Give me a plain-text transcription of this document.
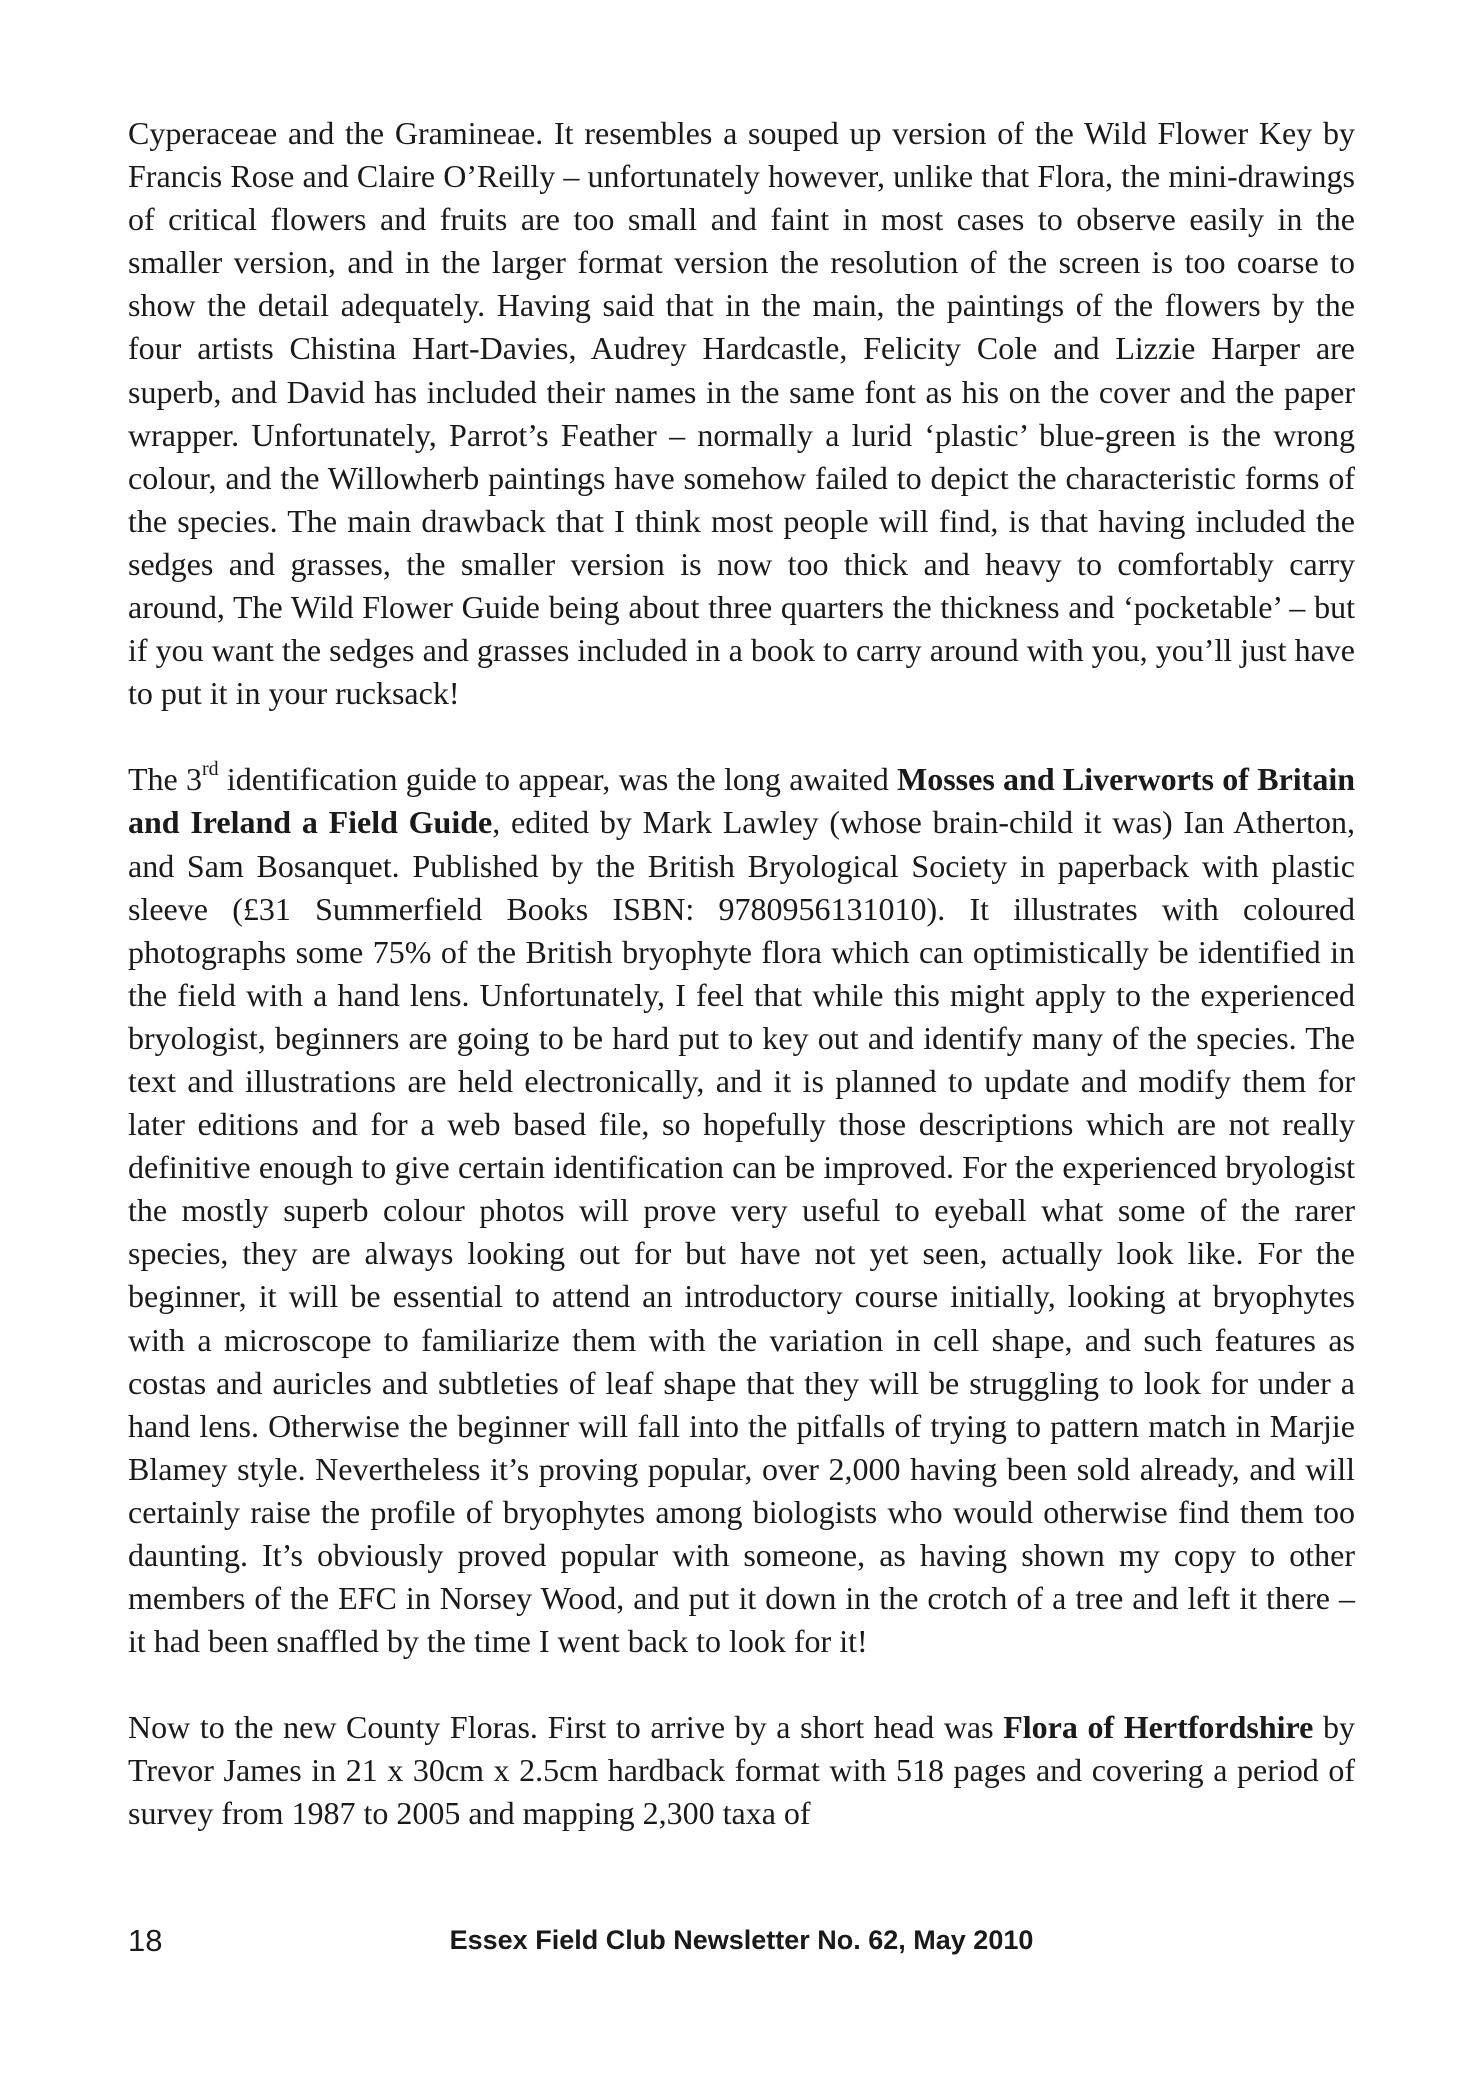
Cyperaceae and the Gramineae. It resembles a souped up version of the Wild Flower Key by Francis Rose and Claire O’Reilly – unfortunately however, unlike that Flora, the mini-drawings of critical flowers and fruits are too small and faint in most cases to observe easily in the smaller version, and in the larger format version the resolution of the screen is too coarse to show the detail adequately. Having said that in the main, the paintings of the flowers by the four artists Chistina Hart-Davies, Audrey Hardcastle, Felicity Cole and Lizzie Harper are superb, and David has included their names in the same font as his on the cover and the paper wrapper. Unfortunately, Parrot’s Feather – normally a lurid ‘plastic’ blue-green is the wrong colour, and the Willowherb paintings have somehow failed to depict the characteristic forms of the species. The main drawback that I think most people will find, is that having included the sedges and grasses, the smaller version is now too thick and heavy to comfortably carry around, The Wild Flower Guide being about three quarters the thickness and ‘pocketable’ – but if you want the sedges and grasses included in a book to carry around with you, you’ll just have to put it in your rucksack!

The 3rd identification guide to appear, was the long awaited Mosses and Liverworts of Britain and Ireland a Field Guide, edited by Mark Lawley (whose brain-child it was) Ian Atherton, and Sam Bosanquet. Published by the British Bryological Society in paperback with plastic sleeve (£31 Summerfield Books ISBN: 9780956131010). It illustrates with coloured photographs some 75% of the British bryophyte flora which can optimistically be identified in the field with a hand lens. Unfortunately, I feel that while this might apply to the experienced bryologist, beginners are going to be hard put to key out and identify many of the species. The text and illustrations are held electronically, and it is planned to update and modify them for later editions and for a web based file, so hopefully those descriptions which are not really definitive enough to give certain identification can be improved. For the experienced bryologist the mostly superb colour photos will prove very useful to eyeball what some of the rarer species, they are always looking out for but have not yet seen, actually look like. For the beginner, it will be essential to attend an introductory course initially, looking at bryophytes with a microscope to familiarize them with the variation in cell shape, and such features as costas and auricles and subtleties of leaf shape that they will be struggling to look for under a hand lens. Otherwise the beginner will fall into the pitfalls of trying to pattern match in Marjie Blamey style. Nevertheless it’s proving popular, over 2,000 having been sold already, and will certainly raise the profile of bryophytes among biologists who would otherwise find them too daunting. It’s obviously proved popular with someone, as having shown my copy to other members of the EFC in Norsey Wood, and put it down in the crotch of a tree and left it there – it had been snaffled by the time I went back to look for it!

Now to the new County Floras. First to arrive by a short head was Flora of Hertfordshire by Trevor James in 21 x 30cm x 2.5cm hardback format with 518 pages and covering a period of survey from 1987 to 2005 and mapping 2,300 taxa of

18	Essex Field Club Newsletter No. 62, May 2010
